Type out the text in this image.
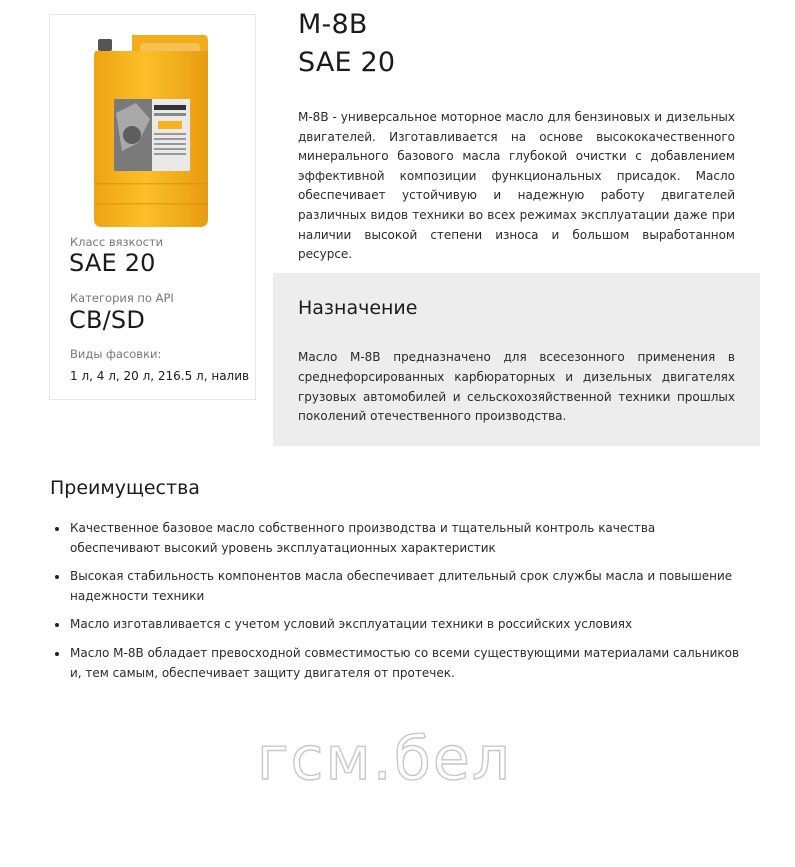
Класс вязкости
SAE 20
Категория по API
CB/SD
Виды фасовки:
1 л, 4 л, 20 л, 216.5 л, налив
М-8В
SAE 20
М-8В - универсальное моторное масло для бензиновых и дизельных двигателей. Изготавливается на основе высококачественного минерального базового масла глубокой очистки с добавлением эффективной композиции функциональных присадок. Масло обеспечивает устойчивую и надежную работу двигателей различных видов техники во всех режимах эксплуатации даже при наличии высокой степени износа и большом выработанном ресурсе.
Назначение
Масло М-8В предназначено для всесезонного применения в среднефорсированных карбюраторных и дизельных двигателях грузовых автомобилей и сельскохозяйственной техники прошлых поколений отечественного производства.
Преимущества
Качественное базовое масло собственного производства и тщательный контроль качества обеспечивают высокий уровень эксплуатационных характеристик
Высокая стабильность компонентов масла обеспечивает длительный срок службы масла и повышение надежности техники
Масло изготавливается с учетом условий эксплуатации техники в российских условиях
Масло М-8В обладает превосходной совместимостью со всеми существующими материалами сальников и, тем самым, обеспечивает защиту двигателя от протечек.
гсм.бел
